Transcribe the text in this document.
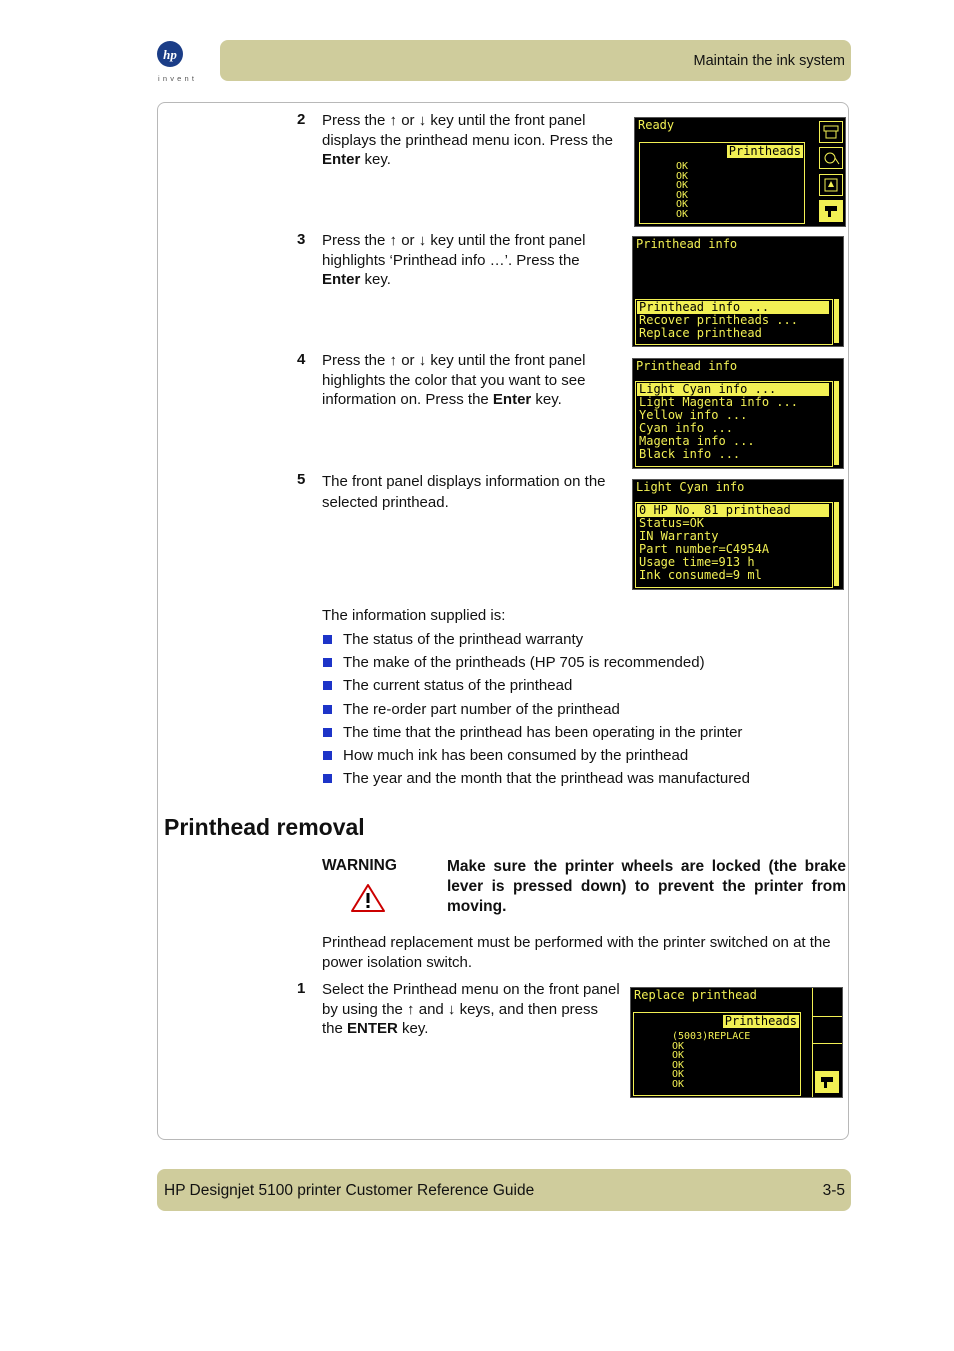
hp
invent
Maintain the ink system
2 Press the ↑ or ↓ key until the front panel displays the printhead menu icon. Press the Enter key.
Ready
Printheads
OK
OK
OK
OK
OK
OK
3 Press the ↑ or ↓ key until the front panel highlights ‘Printhead info …’. Press the Enter key.
Printhead info
Printhead info ...
Recover printheads ...
Replace printhead
4 Press the ↑ or ↓ key until the front panel highlights the color that you want to see information on. Press the Enter key.
Printhead info
Light Cyan info ...
Light Magenta info ...
Yellow info ...
Cyan info ...
Magenta info ...
Black info ...
5 The front panel displays information on the selected printhead.
Light Cyan info
0 HP No. 81 printhead
Status=OK
IN Warranty
Part number=C4954A
Usage time=913 h
Ink consumed=9 ml
The information supplied is:
The status of the printhead warranty
The make of the printheads (HP 705 is recommended)
The current status of the printhead
The re-order part number of the printhead
The time that the printhead has been operating in the printer
How much ink has been consumed by the printhead
The year and the month that the printhead was manufactured
Printhead removal
WARNING	Make sure the printer wheels are locked (the brake lever is pressed down) to prevent the printer from moving.
Printhead replacement must be performed with the printer switched on at the power isolation switch.
1 Select the Printhead menu on the front panel by using the ↑ and ↓ keys, and then press the ENTER key.
Replace printhead
Printheads
(5003)REPLACE
OK
OK
OK
OK
OK
HP Designjet 5100 printer Customer Reference Guide	3-5
